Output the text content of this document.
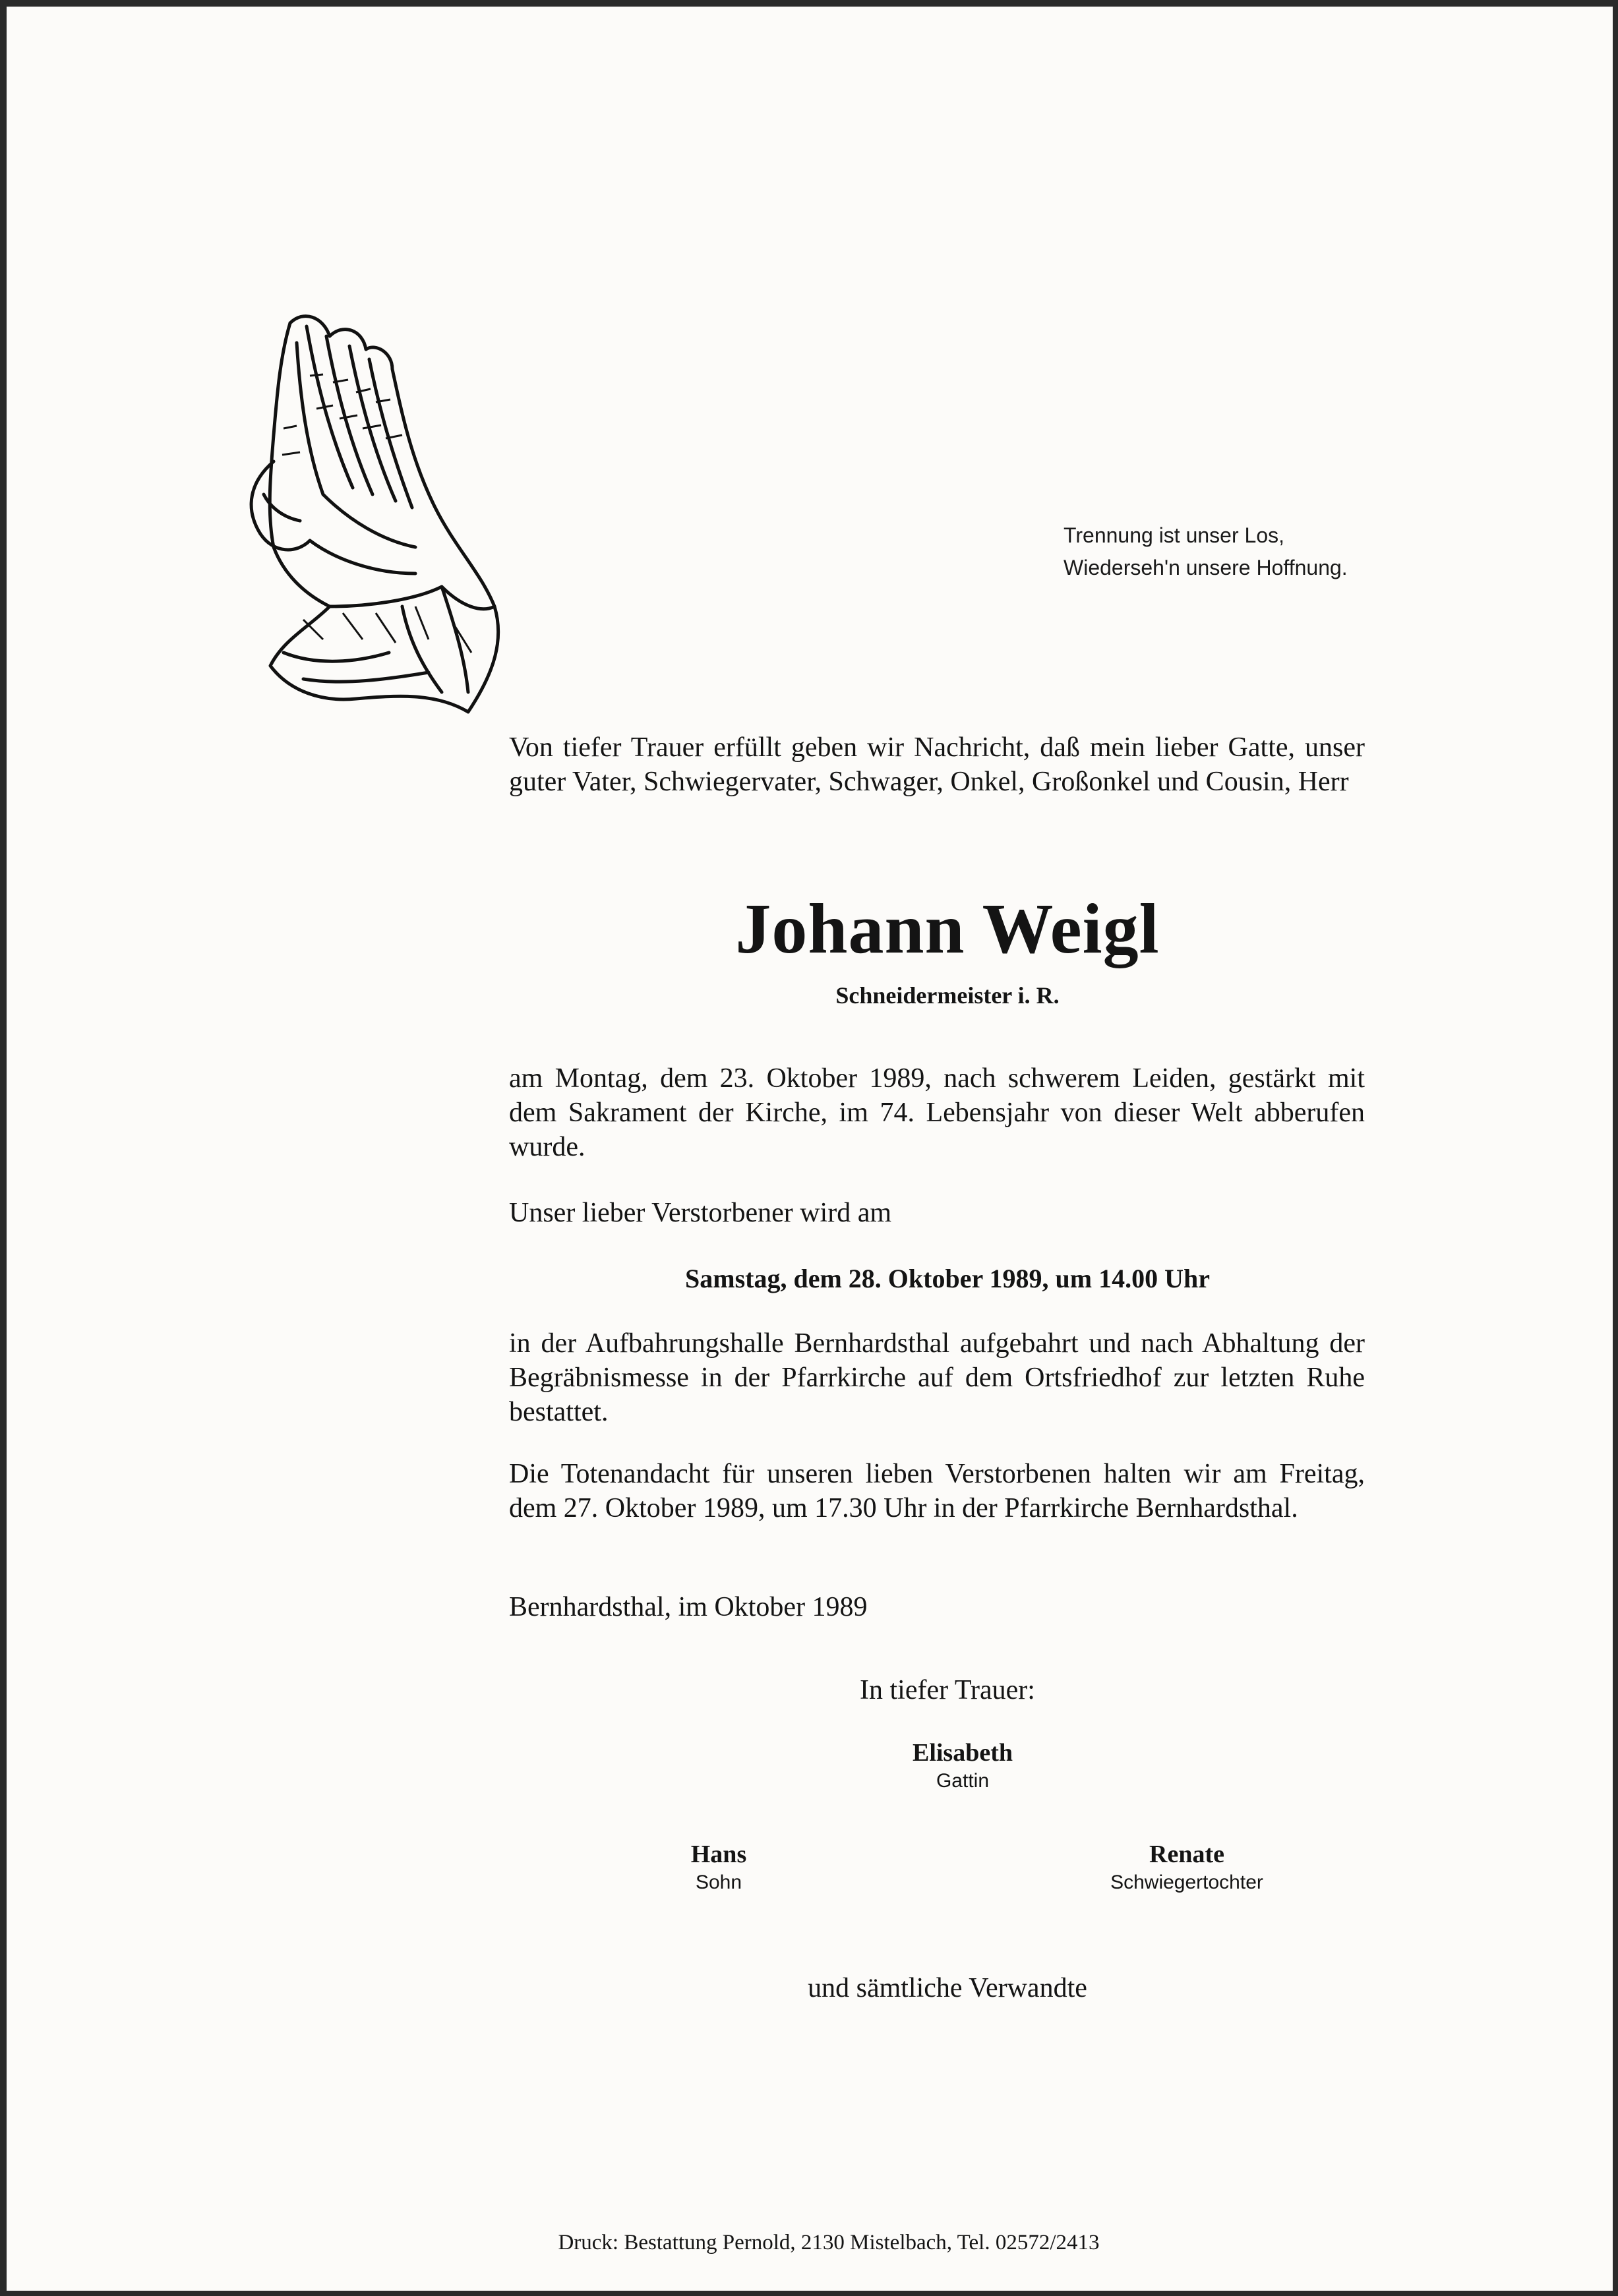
Trennung ist unser Los,
Wiederseh'n unsere Hoffnung.
Von tiefer Trauer erfüllt geben wir Nachricht, daß mein lieber Gatte, unser guter Vater, Schwiegervater, Schwager, Onkel, Großonkel und Cousin, Herr
Johann Weigl
Schneidermeister i. R.
am Montag, dem 23. Oktober 1989, nach schwerem Leiden, gestärkt mit dem Sakrament der Kirche, im 74. Lebensjahr von dieser Welt abberufen wurde.
Unser lieber Verstorbener wird am
Samstag, dem 28. Oktober 1989, um 14.00 Uhr
in der Aufbahrungshalle Bernhardsthal aufgebahrt und nach Abhaltung der Begräbnismesse in der Pfarrkirche auf dem Ortsfriedhof zur letzten Ruhe bestattet.
Die Totenandacht für unseren lieben Verstorbenen halten wir am Freitag, dem 27. Oktober 1989, um 17.30 Uhr in der Pfarrkirche Bernhardsthal.
Bernhardsthal, im Oktober 1989
In tiefer Trauer:
Elisabeth
Gattin
Hans
Sohn
Renate
Schwiegertochter
und sämtliche Verwandte
Druck: Bestattung Pernold, 2130 Mistelbach, Tel. 02572/2413
